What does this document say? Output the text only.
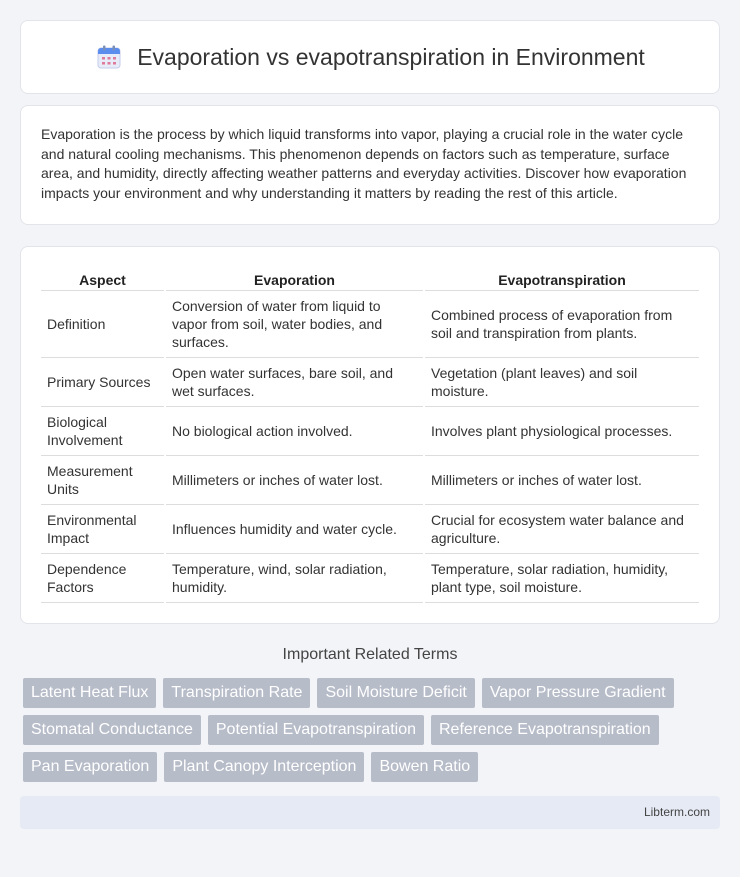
Evaporation vs evapotranspiration in Environment
Evaporation is the process by which liquid transforms into vapor, playing a crucial role in the water cycle and natural cooling mechanisms. This phenomenon depends on factors such as temperature, surface area, and humidity, directly affecting weather patterns and everyday activities. Discover how evaporation impacts your environment and why understanding it matters by reading the rest of this article.
Aspect	Evaporation	Evapotranspiration
Definition	Conversion of water from liquid to vapor from soil, water bodies, and surfaces.	Combined process of evaporation from soil and transpiration from plants.
Primary Sources	Open water surfaces, bare soil, and wet surfaces.	Vegetation (plant leaves) and soil moisture.
Biological Involvement	No biological action involved.	Involves plant physiological processes.
Measurement Units	Millimeters or inches of water lost.	Millimeters or inches of water lost.
Environmental Impact	Influences humidity and water cycle.	Crucial for ecosystem water balance and agriculture.
Dependence Factors	Temperature, wind, solar radiation, humidity.	Temperature, solar radiation, humidity, plant type, soil moisture.
Important Related Terms
Latent Heat Flux	Transpiration Rate	Soil Moisture Deficit	Vapor Pressure Gradient
Stomatal Conductance	Potential Evapotranspiration	Reference Evapotranspiration
Pan Evaporation	Plant Canopy Interception	Bowen Ratio
Libterm.com
